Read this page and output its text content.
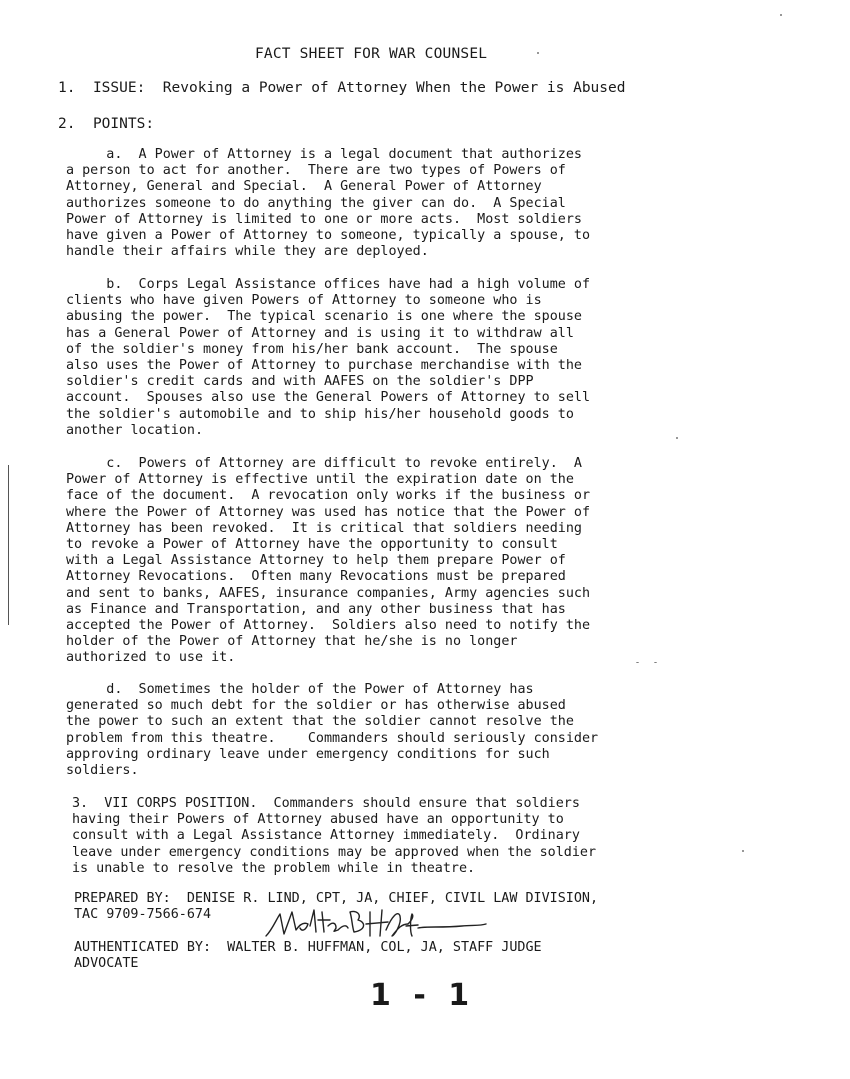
FACT SHEET FOR WAR COUNSEL
1. ISSUE: Revoking a Power of Attorney When the Power is Abused
2. POINTS:
a.  A Power of Attorney is a legal document that authorizes
a person to act for another.  There are two types of Powers of
Attorney, General and Special.  A General Power of Attorney
authorizes someone to do anything the giver can do.  A Special
Power of Attorney is limited to one or more acts.  Most soldiers
have given a Power of Attorney to someone, typically a spouse, to
handle their affairs while they are deployed.
b.  Corps Legal Assistance offices have had a high volume of
clients who have given Powers of Attorney to someone who is
abusing the power.  The typical scenario is one where the spouse
has a General Power of Attorney and is using it to withdraw all
of the soldier's money from his/her bank account.  The spouse
also uses the Power of Attorney to purchase merchandise with the
soldier's credit cards and with AAFES on the soldier's DPP
account.  Spouses also use the General Powers of Attorney to sell
the soldier's automobile and to ship his/her household goods to
another location.
c.  Powers of Attorney are difficult to revoke entirely.  A
Power of Attorney is effective until the expiration date on the
face of the document.  A revocation only works if the business or
where the Power of Attorney was used has notice that the Power of
Attorney has been revoked.  It is critical that soldiers needing
to revoke a Power of Attorney have the opportunity to consult
with a Legal Assistance Attorney to help them prepare Power of
Attorney Revocations.  Often many Revocations must be prepared
and sent to banks, AAFES, insurance companies, Army agencies such
as Finance and Transportation, and any other business that has
accepted the Power of Attorney.  Soldiers also need to notify the
holder of the Power of Attorney that he/she is no longer
authorized to use it.
d.  Sometimes the holder of the Power of Attorney has
generated so much debt for the soldier or has otherwise abused
the power to such an extent that the soldier cannot resolve the
problem from this theatre.    Commanders should seriously consider
approving ordinary leave under emergency conditions for such
soldiers.
3.  VII CORPS POSITION.  Commanders should ensure that soldiers
having their Powers of Attorney abused have an opportunity to
consult with a Legal Assistance Attorney immediately.  Ordinary
leave under emergency conditions may be approved when the soldier
is unable to resolve the problem while in theatre.
PREPARED BY:  DENISE R. LIND, CPT, JA, CHIEF, CIVIL LAW DIVISION,
TAC 9709-7566-674
AUTHENTICATED BY:  WALTER B. HUFFMAN, COL, JA, STAFF JUDGE
ADVOCATE
1 - 1
